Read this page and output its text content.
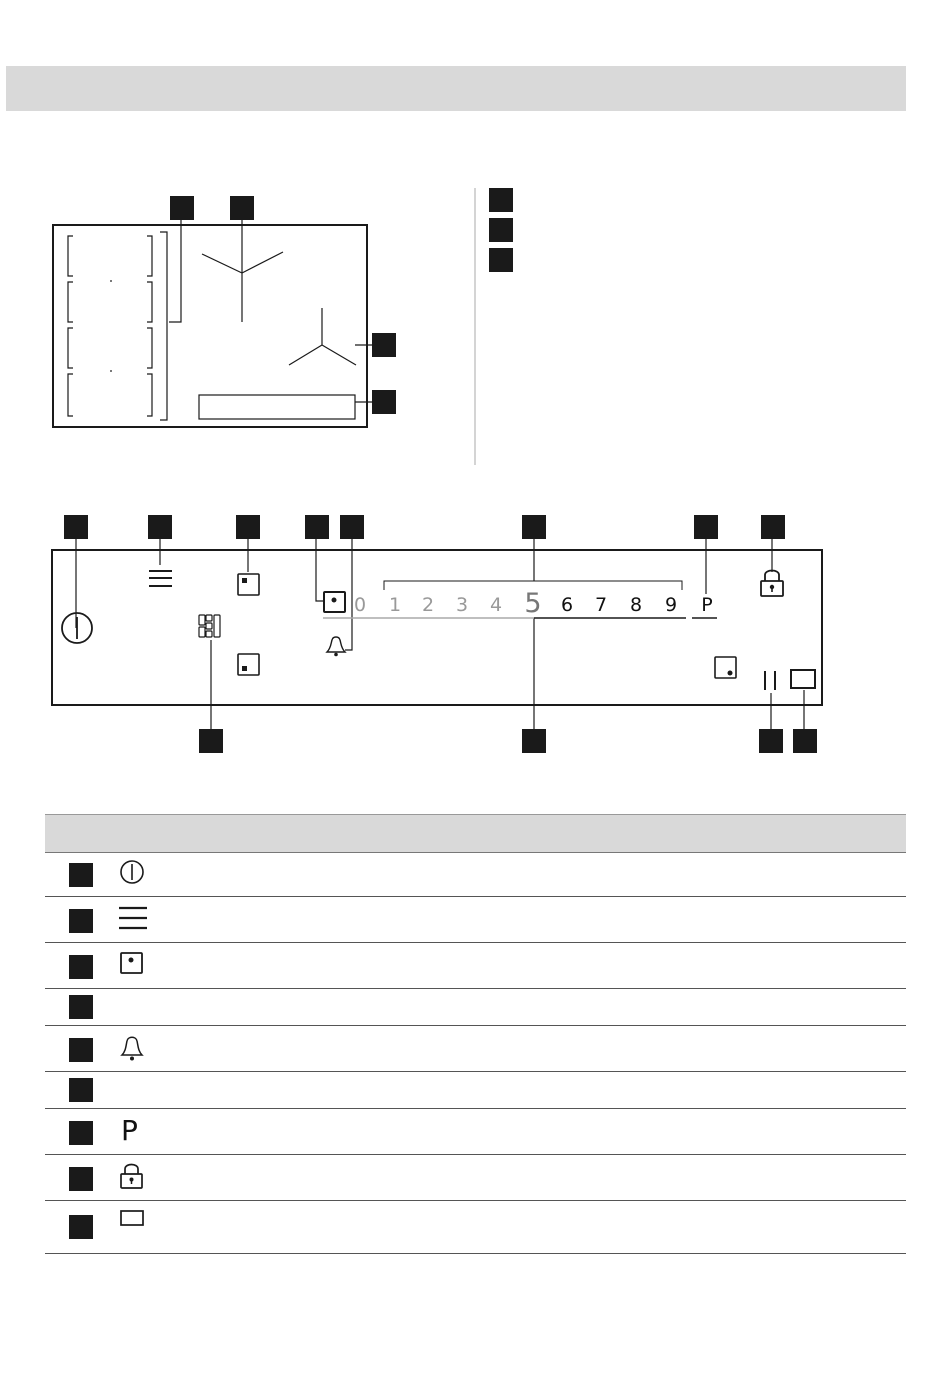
0 1 2 3 4 5 6 7 8 9 P
P
